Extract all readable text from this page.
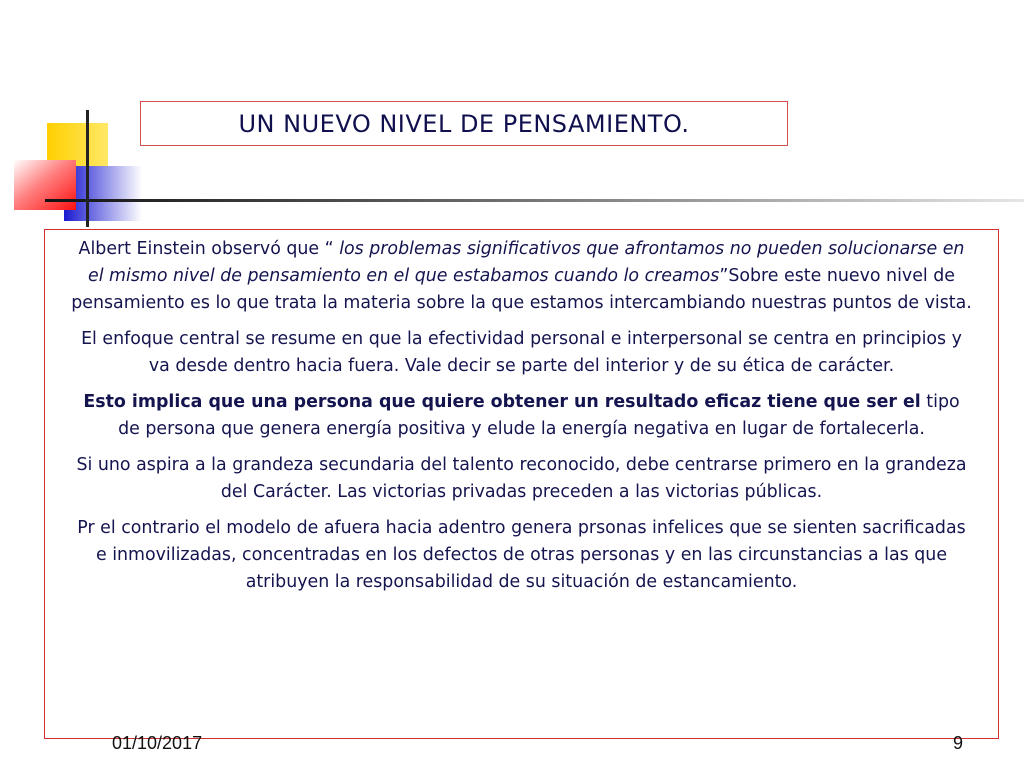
UN NUEVO NIVEL DE PENSAMIENTO.

Albert Einstein observó que “ los problemas significativos que afrontamos no pueden solucionarse en el mismo nivel de pensamiento en el que estabamos cuando lo creamos”Sobre este nuevo nivel de pensamiento es lo que trata la materia sobre la que estamos intercambiando nuestras puntos de vista.

El enfoque central se resume en que la efectividad personal e interpersonal se centra en principios y va desde dentro hacia fuera. Vale decir se parte del interior y de su ética de carácter.

Esto implica que una persona que quiere obtener un resultado eficaz tiene que ser el tipo de persona que genera energía positiva y elude la energía negativa en lugar de fortalecerla.

Si uno aspira a la grandeza secundaria del talento reconocido, debe centrarse primero en la grandeza del Carácter. Las victorias privadas preceden a las victorias públicas.

Pr el contrario el modelo de afuera hacia adentro genera prsonas infelices que se sienten sacrificadas e inmovilizadas, concentradas en los defectos de otras personas y en las circunstancias a las que atribuyen la responsabilidad de su situación de estancamiento.

01/10/2017	9
